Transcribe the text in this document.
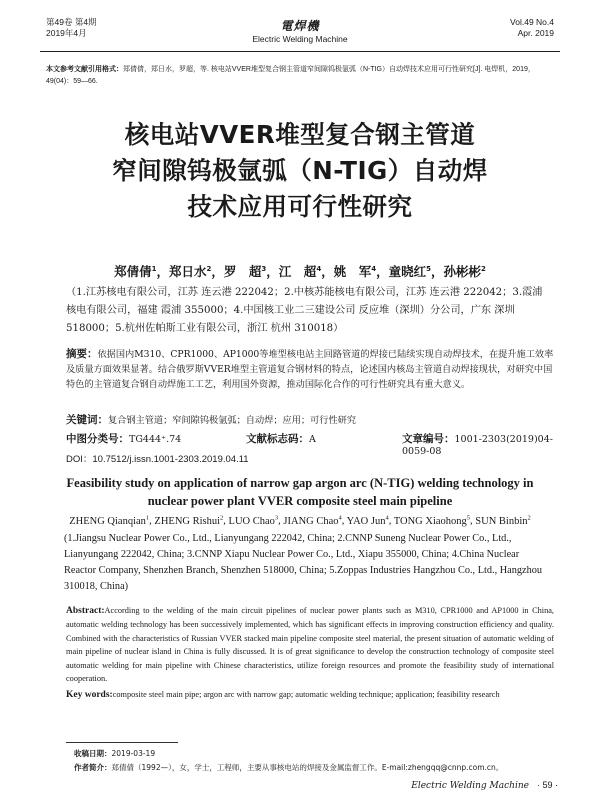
第49卷 第4期
2019年4月	電焊機
Electric Welding Machine
Vol.49 No.4
Apr. 2019
本文参考文献引用格式：郑倩倩，郑日水，罗超，等. 核电站VVER堆型复合钢主管道窄间隙钨极氩弧（N-TIG）自动焊技术应用可行性研究[J]. 电焊机，2019，49(04)：59—66.
核电站VVER堆型复合钢主管道
窄间隙钨极氩弧（N-TIG）自动焊
技术应用可行性研究
郑倩倩$^1$，郑日水$^2$，罗　超$^3$，江　超$^4$，姚　军$^4$，童晓红$^5$，孙彬彬$^2$
（1.江苏核电有限公司，江苏 连云港 222042；2.中核苏能核电有限公司，江苏 连云港 222042；3.霞浦核电有限公司，福建 霞浦 355000；4.中国核工业二三建设公司 反应堆（深圳）分公司，广东 深圳 518000；5.杭州佐帕斯工业有限公司，浙江 杭州 310018）
摘要：依据国内M310、CPR1000、AP1000等堆型核电站主回路管道的焊接已陆续实现自动焊技术，在提升施工效率及质量方面效果显著。结合俄罗斯VVER堆型主管道复合钢材料的特点，论述国内核岛主管道自动焊接现状，对研究中国特色的主管道复合钢自动焊施工工艺，利用国外资源，推动国际化合作的可行性研究具有重大意义。
关键词：复合钢主管道；窄间隙钨极氩弧；自动焊；应用；可行性研究
中图分类号：TG444⁺.74	文献标志码：A	文章编号：1001-2303(2019)04-0059-08
DOI：10.7512/j.issn.1001-2303.2019.04.11
Feasibility study on application of narrow gap argon arc (N-TIG) welding technology in
nuclear power plant VVER composite steel main pipeline
ZHENG Qianqian$^1$, ZHENG Rishui$^2$, LUO Chao$^3$, JIANG Chao$^4$, YAO Jun$^4$, TONG Xiaohong$^5$, SUN Binbin$^2$
(1.Jiangsu Nuclear Power Co., Ltd., Lianyungang 222042, China; 2.CNNP Suneng Nuclear Power Co., Ltd., Lianyungang 222042, China; 3.CNNP Xiapu Nuclear Power Co., Ltd., Xiapu 355000, China; 4.China Nuclear Reactor Company, Shenzhen Branch, Shenzhen 518000, China; 5.Zoppas Industries Hangzhou Co., Ltd., Hangzhou 310018, China)
Abstract:According to the welding of the main circuit pipelines of nuclear power plants such as M310, CPR1000 and AP1000 in China, automatic welding technology has been successively implemented, which has significant effects in improving construction efficiency and quality. Combined with the characteristics of Russian VVER stacked main pipeline composite steel material, the present situation of automatic welding of main pipeline of nuclear island in China is fully discussed. It is of great significance to develop the construction technology of composite steel automatic welding for main pipeline with Chinese characteristics, utilize foreign resources and promote the feasibility study of international cooperation.
Key words:composite steel main pipe; argon arc with narrow gap; automatic welding technique; application; feasibility research
收稿日期：2019-03-19
作者简介：郑倩倩（1992—），女，学士，工程师，主要从事核电站的焊接及金属监督工作。E-mail:zhengqq@cnnp.com.cn。
Electric Welding Machine · 59 ·
